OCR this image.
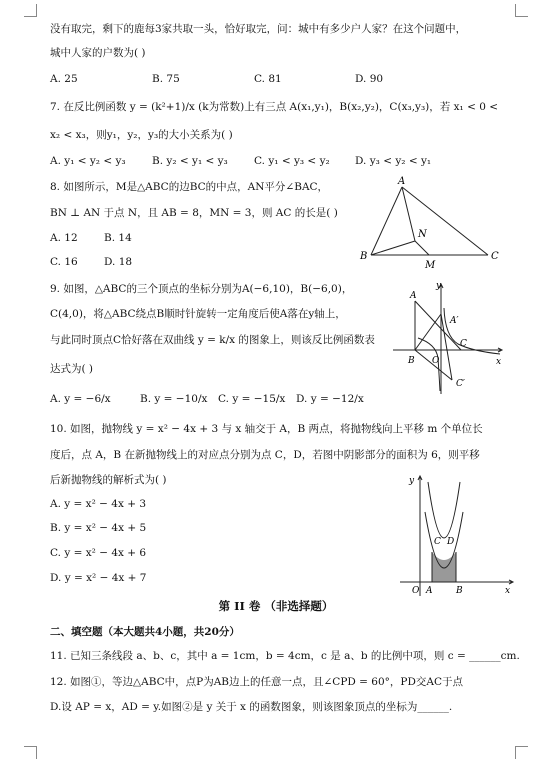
没有取完，剩下的鹿每3家共取一头，恰好取完，问：城中有多少户人家？在这个问题中，
城中人家的户数为( )
7. 在反比例函数 y = (k²+1)/x (k为常数)上有三点 A(x₁,y₁)，B(x₂,y₂)，C(x₃,y₃)，若 x₁ < 0 <
x₂ < x₃，则y₁，y₂，y₃的大小关系为( )
8. 如图所示，M是△ABC的边BC的中点，AN平分∠BAC，
BN ⊥ AN 于点 N，且 AB = 8，MN = 3，则 AC 的长是( )
9. 如图，△ABC的三个顶点的坐标分别为A(−6,10)，B(−6,0)，
C(4,0)，将△ABC绕点B顺时针旋转一定角度后使A落在y轴上，
与此同时顶点C恰好落在双曲线 y = k/x 的图象上，则该反比例函数表
达式为( )
10. 如图，抛物线 y = x² − 4x + 3 与 x 轴交于 A，B 两点，将抛物线向上平移 m 个单位长
度后，点 A，B 在新抛物线上的对应点分别为点 C，D，若图中阴影部分的面积为 6，则平移
后新抛物线的解析式为( )
二、填空题（本大题共4小题，共20分）
11. 已知三条线段 a、b、c，其中 a = 1cm，b = 4cm，c 是 a、b 的比例中项，则 c = ______cm.
12. 如图①，等边△ABC中，点P为AB边上的任意一点，且∠CPD = 60°，PD交AC于点
D.设 AP = x，AD = y.如图②是 y 关于 x 的函数图象，则该图象顶点的坐标为______.
A. 25	B. 75	C. 81	D. 90
A. y₁ < y₂ < y₃	B. y₂ < y₁ < y₃ C. y₁ < y₃ < y₂ D. y₃ < y₂ < y₁
A. 12	B. 14
C. 16	D. 18
A. y = −6/x	B. y = −10/x C. y = −15/x D. y = −12/x
A. y = x² − 4x + 3
B. y = x² − 4x + 5
C. y = x² − 4x + 6
D. y = x² − 4x + 7
第 II 卷 （非选择题）
A
B	C
M
N
A
A′
B
C
C′
O	x
y
C D
O A	B	x
y
